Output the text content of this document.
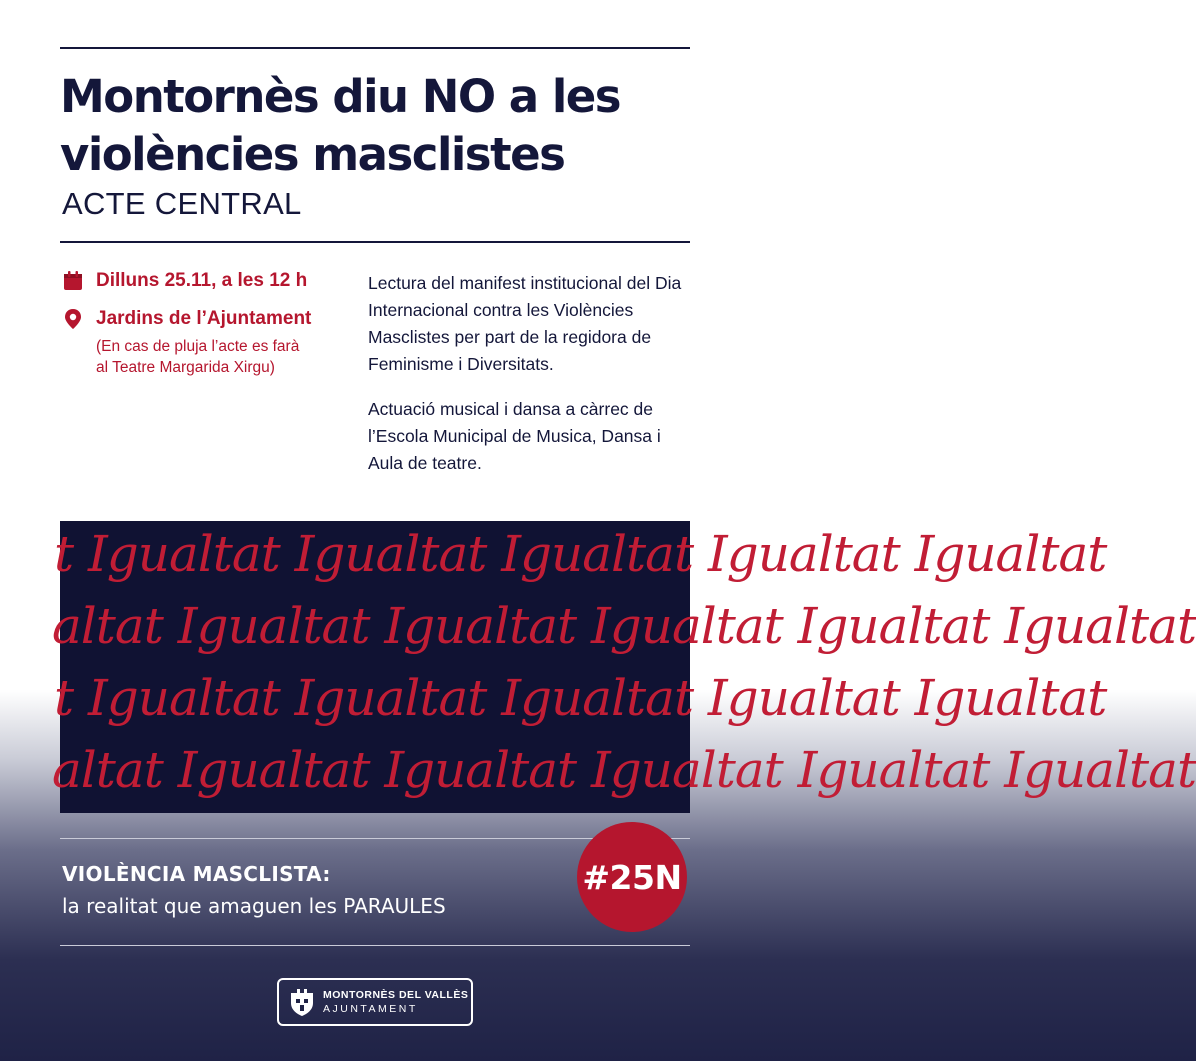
Montornès diu NO a les
violències masclistes
ACTE CENTRAL
Dilluns 25.11, a les 12 h
Jardins de l’Ajuntament
(En cas de pluja l’acte es farà
al Teatre Margarida Xirgu)

Lectura del manifest institucional del Dia Internacional contra les Violències Masclistes per part de la regidora de Feminisme i Diversitats.

Actuació musical i dansa a càrrec de l’Escola Municipal de Musica, Dansa i Aula de teatre.

t Igualtat Igualtat Igualtat Igualtat Igualtat
altat Igualtat Igualtat Igualtat Igualtat Igualtat
t Igualtat Igualtat Igualtat Igualtat Igualtat
altat Igualtat Igualtat Igualtat Igualtat Igualtat
VIOLÈNCIA MASCLISTA:
la realitat que amaguen les PARAULES
#25N
MONTORNÈS DEL VALLÈS
AJUNTAMENT
